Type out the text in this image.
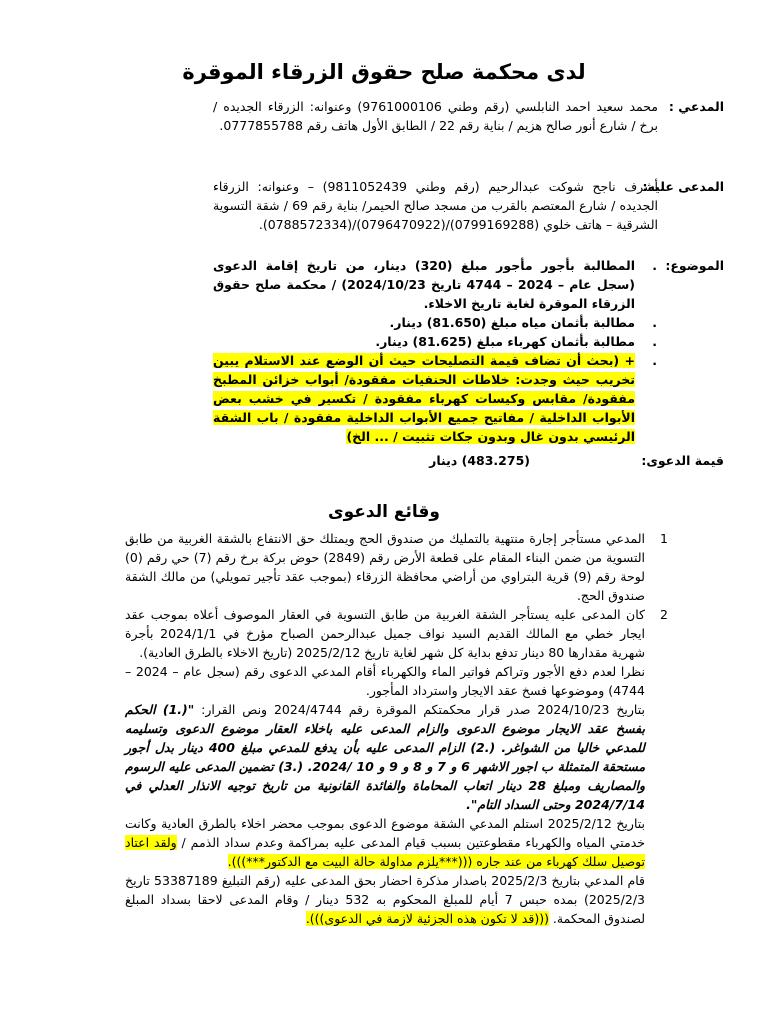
لدى محكمة صلح حقوق الزرقاء الموقرة
المدعي :
محمد سعيد احمد النابلسي (رقم وطني 9761000106) وعنوانه: الزرقاء الجديده / برخ / شارع أنور صالح هزيم / بناية رقم 22 / الطابق الأول هاتف رقم 0777855788.
المدعى عليه:
أشرف ناجح شوكت عبدالرحيم (رقم وطني 9811052439) – وعنوانه: الزرقاء الجديده / شارع المعتصم بالقرب من مسجد صالح الحيمر/ بناية رقم 69 / شقة التسوية الشرقية – هاتف خلوي (0799169288)/(0796470922)/(0788572334).
الموضوع:
.
المطالبة بأجور مأجور مبلغ (320) دينار، من تاريخ إقامة الدعوى (سجل عام – 2024 – 4744 تاريخ 2024/10/23) / محكمة صلح حقوق الزرقاء الموقرة لغاية تاريخ الاخلاء.
.
مطالبة بأثمان مياه مبلغ (81.650) دينار.
.
مطالبة بأثمان كهرباء مبلغ (81.625) دينار.
.
+ (بحث أن تضاف قيمة التصليحات حيث أن الوضع عند الاستلام يبين تخريب حيث وجدت: خلاطات الحنفيات مفقودة/ أبواب خزائن المطبخ مفقودة/ مقابس وكيسات كهرباء مفقودة / تكسير في خشب بعض الأبواب الداخلية / مفاتيح جميع الأبواب الداخلية مفقودة / باب الشقة الرئيسي بدون غال وبدون جكات تثبيت / ... الخ)
قيمة الدعوى:
(483.275) دينار
وقائع الدعوى
1
المدعي مستأجر إجارة منتهية بالتمليك من صندوق الحج ويمتلك حق الانتفاع بالشقة الغربية من طابق التسوية من ضمن البناء المقام على قطعة الأرض رقم (2849) حوض بركة برخ رقم (7) حي رقم (0) لوحة رقم (9) قرية البتراوي من أراضي محافظة الزرقاء (بموجب عقد تأجير تمويلي) من مالك الشقة صندوق الحج.
2
كان المدعى عليه يستأجر الشقة الغربية من طابق التسوية في العقار الموصوف أعلاه بموجب عقد ايجار خطي مع المالك القديم السيد نواف جميل عبدالرحمن الصباح مؤرخ في 2024/1/1 بأجرة شهرية مقدارها 80 دينار تدفع بداية كل شهر لغاية تاريخ 2025/2/12 (تاريخ الاخلاء بالطرق العادية).
نظرا لعدم دفع الأجور وتراكم فواتير الماء والكهرباء أقام المدعي الدعوى رقم (سجل عام – 2024 – 4744) وموضوعها فسخ عقد الايجار واسترداد المأجور.
بتاريخ 2024/10/23 صدر قرار محكمتكم الموقرة رقم 2024/4744 ونص القرار: "(.1) الحكم بفسخ عقد الايجار موضوع الدعوى والزام المدعى عليه باخلاء العقار موضوع الدعوى وتسليمه للمدعي خاليا من الشواغر. (.2) الزام المدعى عليه بأن يدفع للمدعي مبلغ 400 دينار بدل أجور مستحقة المتمثلة ب اجور الاشهر 6 و 7 و 8 و 9 و 10 /2024. (.3) تضمين المدعى عليه الرسوم والمصاريف ومبلغ 28 دينار اتعاب المحاماة والفائدة القانونية من تاريخ توجيه الانذار العدلي في 2024/7/14 وحتى السداد التام".
بتاريخ 2025/2/12 استلم المدعي الشقة موضوع الدعوى بموجب محضر اخلاء بالطرق العادية وكانت خدمتي المياه والكهرباء مقطوعتين بسبب قيام المدعى عليه بمراكمة وعدم سداد الذمم / ولقد اعتاد توصيل سلك كهرباء من عند جاره (((***يلزم مداولة حالة البيت مع الدكتور***))).
قام المدعي بتاريخ 2025/2/3 باصدار مذكرة احضار بحق المدعى عليه (رقم التبليغ 53387189 تاريخ 2025/2/3) بمده حبس 7 أيام للمبلغ المحكوم به 532 دينار / وقام المدعى لاحقا بسداد المبلغ لصندوق المحكمة. (((قد لا تكون هذه الجزئية لازمة في الدعوى))).
